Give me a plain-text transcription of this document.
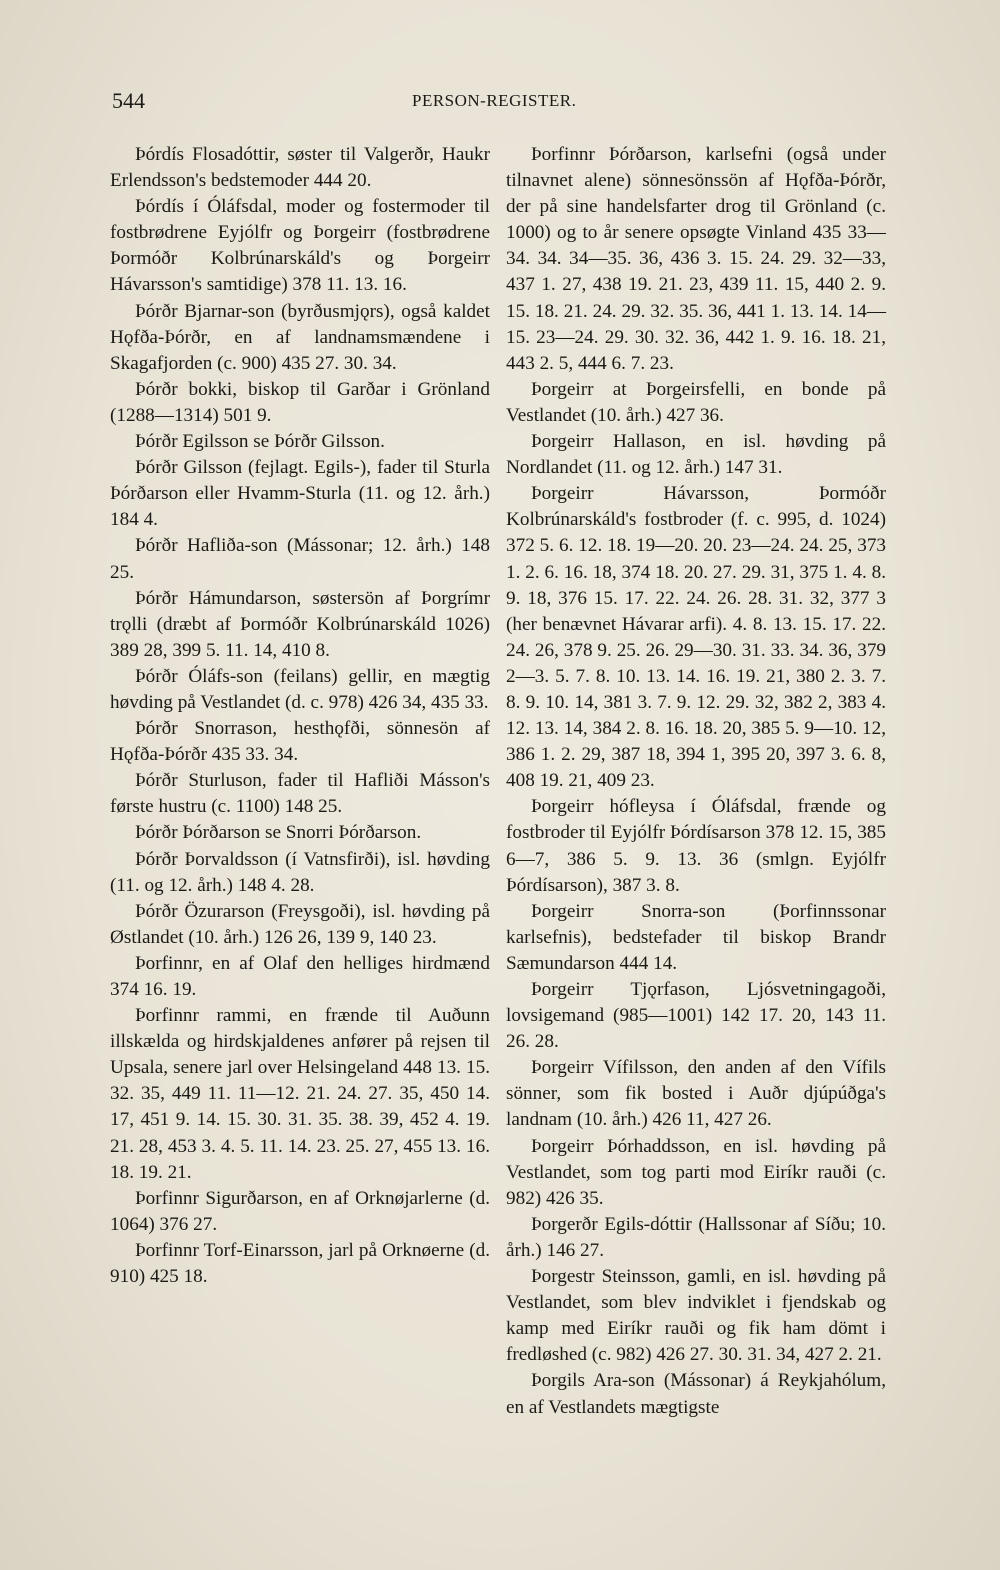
544	PERSON-REGISTER.

Þórdís Flosadóttir, søster til Valgerðr, Haukr Erlendsson's bedstemoder 444 20.

Þórdís í Óláfsdal, moder og fostermoder til fostbrødrene Eyjólfr og Þorgeirr (fostbrødrene Þormóðr Kolbrúnarskáld's og Þorgeirr Hávarsson's samtidige) 378 11. 13. 16.

Þórðr Bjarnar-son (byrðusmjǫrs), også kaldet Hǫfða-Þórðr, en af landnamsmændene i Skagafjorden (c. 900) 435 27. 30. 34.

Þórðr bokki, biskop til Garðar i Grönland (1288—1314) 501 9.

Þórðr Egilsson se Þórðr Gilsson.

Þórðr Gilsson (fejlagt. Egils-), fader til Sturla Þórðarson eller Hvamm-Sturla (11. og 12. årh.) 184 4.

Þórðr Hafliða-son (Mássonar; 12. årh.) 148 25.

Þórðr Hámundarson, søstersön af Þorgrímr trǫlli (dræbt af Þormóðr Kolbrúnarskáld 1026) 389 28, 399 5. 11. 14, 410 8.

Þórðr Óláfs-son (feilans) gellir, en mægtig høvding på Vestlandet (d. c. 978) 426 34, 435 33.

Þórðr Snorrason, hesthǫfði, sönnesön af Hǫfða-Þórðr 435 33. 34.

Þórðr Sturluson, fader til Hafliði Másson's første hustru (c. 1100) 148 25.

Þórðr Þórðarson se Snorri Þórðarson.

Þórðr Þorvaldsson (í Vatnsfirði), isl. høvding (11. og 12. årh.) 148 4. 28.

Þórðr Özurarson (Freysgoði), isl. høvding på Østlandet (10. årh.) 126 26, 139 9, 140 23.

Þorfinnr, en af Olaf den helliges hirdmænd 374 16. 19.

Þorfinnr rammi, en frænde til Auðunn illskælda og hirdskjaldenes anfører på rejsen til Upsala, senere jarl over Helsingeland 448 13. 15. 32. 35, 449 11. 11—12. 21. 24. 27. 35, 450 14. 17, 451 9. 14. 15. 30. 31. 35. 38. 39, 452 4. 19. 21. 28, 453 3. 4. 5. 11. 14. 23. 25. 27, 455 13. 16. 18. 19. 21.

Þorfinnr Sigurðarson, en af Orknøjarlerne (d. 1064) 376 27.

Þorfinnr Torf-Einarsson, jarl på Orknøerne (d. 910) 425 18.

Þorfinnr Þórðarson, karlsefni (også under tilnavnet alene) sönnesönssön af Hǫfða-Þórðr, der på sine handelsfarter drog til Grönland (c. 1000) og to år senere opsøgte Vinland 435 33—34. 34. 34—35. 36, 436 3. 15. 24. 29. 32—33, 437 1. 27, 438 19. 21. 23, 439 11. 15, 440 2. 9. 15. 18. 21. 24. 29. 32. 35. 36, 441 1. 13. 14. 14—15. 23—24. 29. 30. 32. 36, 442 1. 9. 16. 18. 21, 443 2. 5, 444 6. 7. 23.

Þorgeirr at Þorgeirsfelli, en bonde på Vestlandet (10. årh.) 427 36.

Þorgeirr Hallason, en isl. høvding på Nordlandet (11. og 12. årh.) 147 31.

Þorgeirr Hávarsson, Þormóðr Kolbrúnarskáld's fostbroder (f. c. 995, d. 1024) 372 5. 6. 12. 18. 19—20. 20. 23—24. 24. 25, 373 1. 2. 6. 16. 18, 374 18. 20. 27. 29. 31, 375 1. 4. 8. 9. 18, 376 15. 17. 22. 24. 26. 28. 31. 32, 377 3 (her benævnet Hávarar arfi). 4. 8. 13. 15. 17. 22. 24. 26, 378 9. 25. 26. 29—30. 31. 33. 34. 36, 379 2—3. 5. 7. 8. 10. 13. 14. 16. 19. 21, 380 2. 3. 7. 8. 9. 10. 14, 381 3. 7. 9. 12. 29. 32, 382 2, 383 4. 12. 13. 14, 384 2. 8. 16. 18. 20, 385 5. 9—10. 12, 386 1. 2. 29, 387 18, 394 1, 395 20, 397 3. 6. 8, 408 19. 21, 409 23.

Þorgeirr hófleysa í Óláfsdal, frænde og fostbroder til Eyjólfr Þórdísarson 378 12. 15, 385 6—7, 386 5. 9. 13. 36 (smlgn. Eyjólfr Þórdísarson), 387 3. 8.

Þorgeirr Snorra-son (Þorfinnssonar karlsefnis), bedstefader til biskop Brandr Sæmundarson 444 14.

Þorgeirr Tjǫrfason, Ljósvetningagoði, lovsigemand (985—1001) 142 17. 20, 143 11. 26. 28.

Þorgeirr Vífilsson, den anden af den Vífils sönner, som fik bosted i Auðr djúpúðga's landnam (10. årh.) 426 11, 427 26.

Þorgeirr Þórhaddsson, en isl. høvding på Vestlandet, som tog parti mod Eiríkr rauði (c. 982) 426 35.

Þorgerðr Egils-dóttir (Hallssonar af Síðu; 10. årh.) 146 27.

Þorgestr Steinsson, gamli, en isl. høvding på Vestlandet, som blev indviklet i fjendskab og kamp med Eiríkr rauði og fik ham dömt i fredløshed (c. 982) 426 27. 30. 31. 34, 427 2. 21.

Þorgils Ara-son (Mássonar) á Reykjahólum, en af Vestlandets mægtigste
